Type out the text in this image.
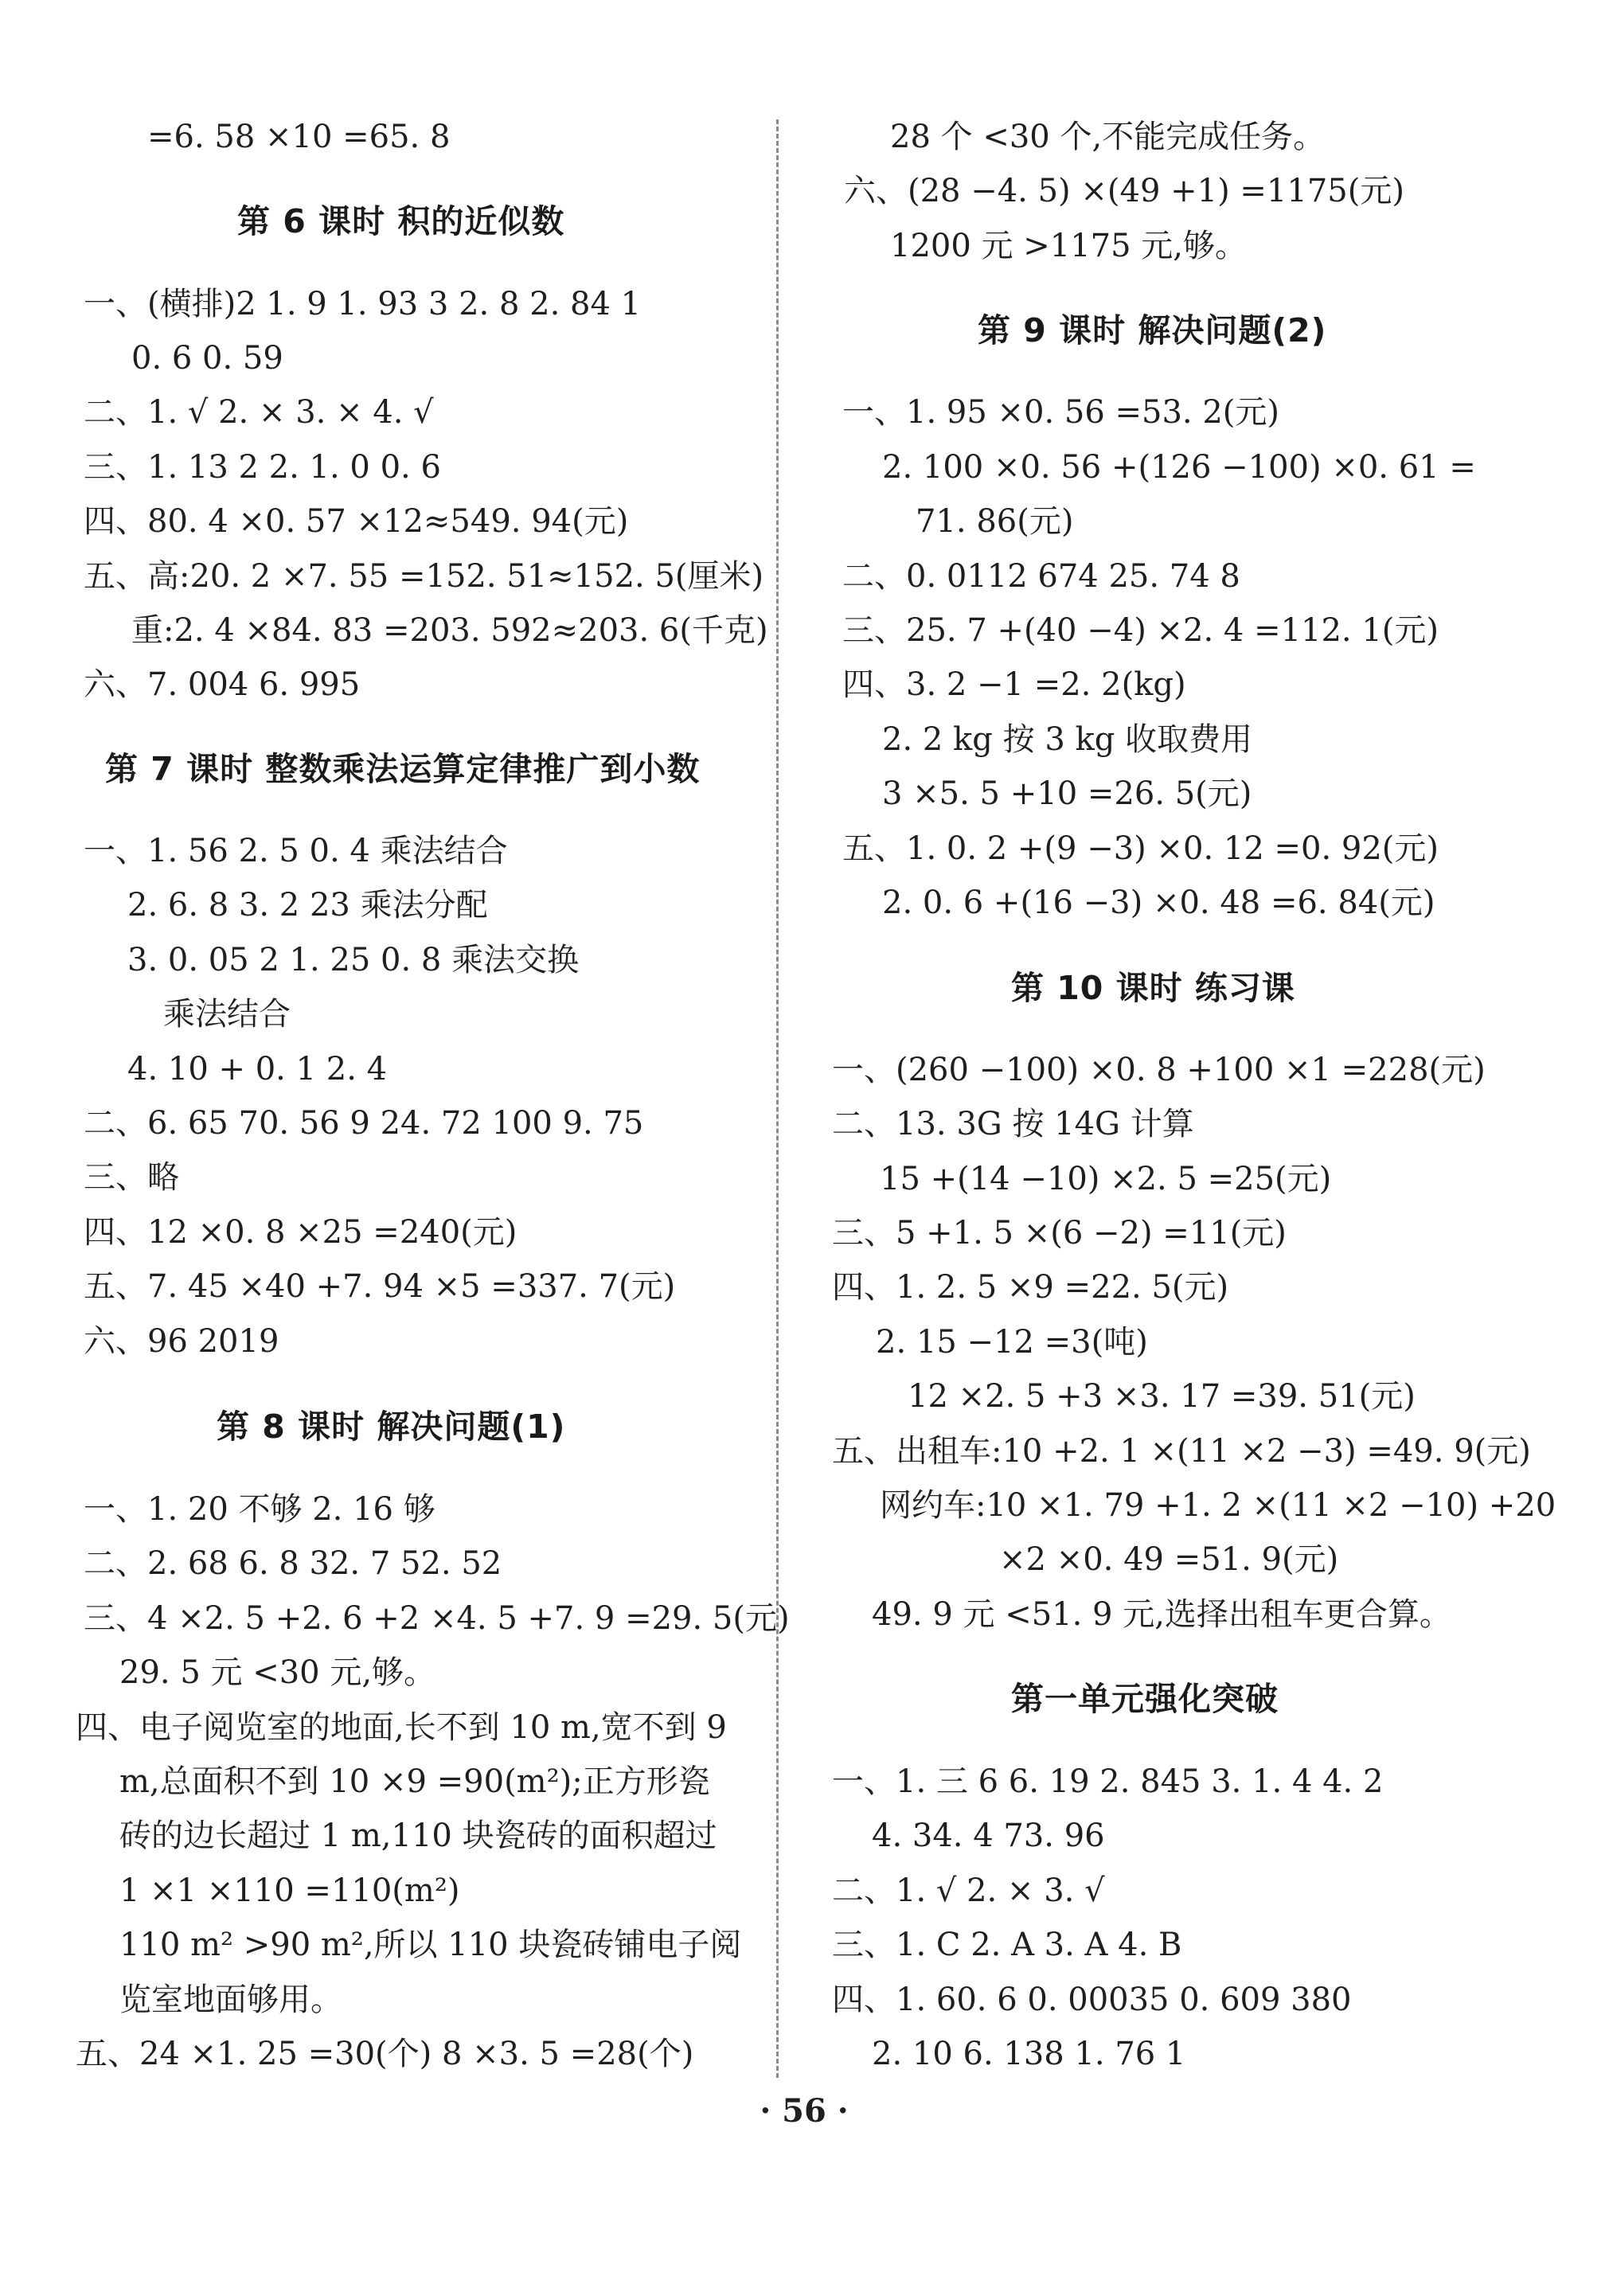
=6. 58 ×10 =65. 8
第 6 课时 积的近似数
一、(横排)2 1. 9 1. 93 3 2. 8 2. 84 1
0. 6 0. 59
二、1. √ 2. × 3. × 4. √
三、1. 13 2 2. 1. 0 0. 6
四、80. 4 ×0. 57 ×12≈549. 94(元)
五、高:20. 2 ×7. 55 =152. 51≈152. 5(厘米)
重:2. 4 ×84. 83 =203. 592≈203. 6(千克)
六、7. 004 6. 995
第 7 课时 整数乘法运算定律推广到小数
一、1. 56 2. 5 0. 4 乘法结合
2. 6. 8 3. 2 23 乘法分配
3. 0. 05 2 1. 25 0. 8 乘法交换
乘法结合
4. 10 + 0. 1 2. 4
二、6. 65 70. 56 9 24. 72 100 9. 75
三、略
四、12 ×0. 8 ×25 =240(元)
五、7. 45 ×40 +7. 94 ×5 =337. 7(元)
六、96 2019
第 8 课时 解决问题(1)
一、1. 20 不够 2. 16 够
二、2. 68 6. 8 32. 7 52. 52
三、4 ×2. 5 +2. 6 +2 ×4. 5 +7. 9 =29. 5(元)
29. 5 元 <30 元,够。
四、电子阅览室的地面,长不到 10 m,宽不到 9
m,总面积不到 10 ×9 =90(m²);正方形瓷
砖的边长超过 1 m,110 块瓷砖的面积超过
1 ×1 ×110 =110(m²)
110 m² >90 m²,所以 110 块瓷砖铺电子阅
览室地面够用。
五、24 ×1. 25 =30(个) 8 ×3. 5 =28(个)
28 个 <30 个,不能完成任务。
六、(28 −4. 5) ×(49 +1) =1175(元)
1200 元 >1175 元,够。
第 9 课时 解决问题(2)
一、1. 95 ×0. 56 =53. 2(元)
2. 100 ×0. 56 +(126 −100) ×0. 61 =
71. 86(元)
二、0. 0112 674 25. 74 8
三、25. 7 +(40 −4) ×2. 4 =112. 1(元)
四、3. 2 −1 =2. 2(kg)
2. 2 kg 按 3 kg 收取费用
3 ×5. 5 +10 =26. 5(元)
五、1. 0. 2 +(9 −3) ×0. 12 =0. 92(元)
2. 0. 6 +(16 −3) ×0. 48 =6. 84(元)
第 10 课时 练习课
一、(260 −100) ×0. 8 +100 ×1 =228(元)
二、13. 3G 按 14G 计算
15 +(14 −10) ×2. 5 =25(元)
三、5 +1. 5 ×(6 −2) =11(元)
四、1. 2. 5 ×9 =22. 5(元)
2. 15 −12 =3(吨)
12 ×2. 5 +3 ×3. 17 =39. 51(元)
五、出租车:10 +2. 1 ×(11 ×2 −3) =49. 9(元)
网约车:10 ×1. 79 +1. 2 ×(11 ×2 −10) +20
×2 ×0. 49 =51. 9(元)
49. 9 元 <51. 9 元,选择出租车更合算。
第一单元强化突破
一、1. 三 6 6. 19 2. 845 3. 1. 4 4. 2
4. 34. 4 73. 96
二、1. √ 2. × 3. √
三、1. C 2. A 3. A 4. B
四、1. 60. 6 0. 00035 0. 609 380
2. 10 6. 138 1. 76 1
· 56 ·
